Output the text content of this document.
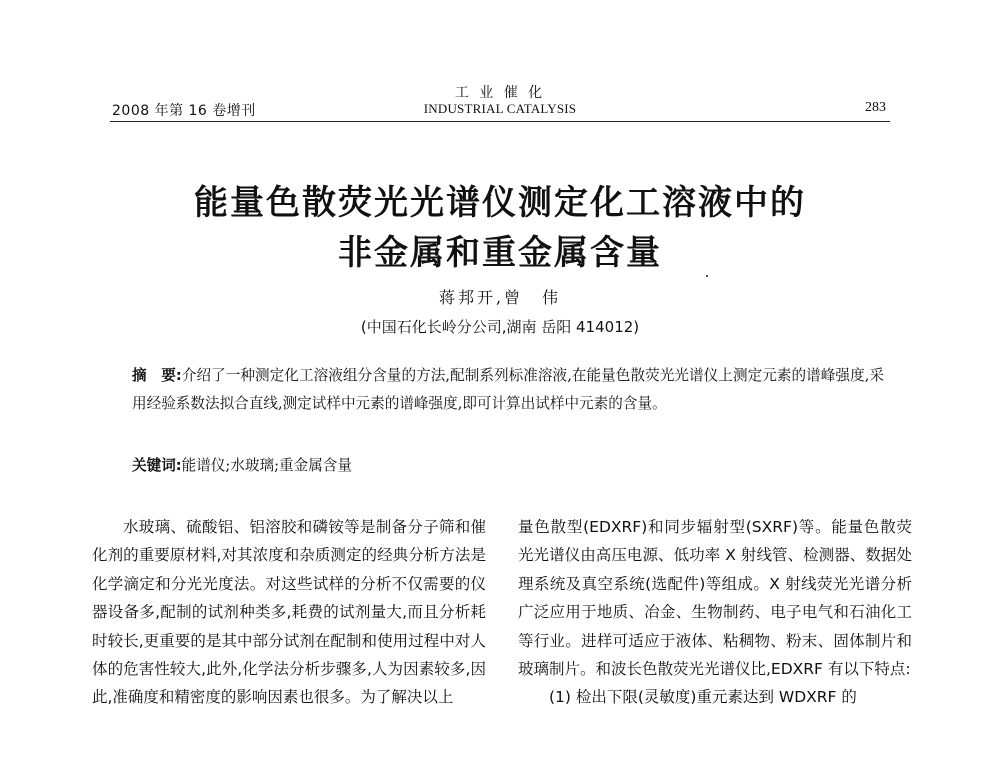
2008 年第 16 卷增刊
工 业 催 化
INDUSTRIAL CATALYSIS	283
能量色散荧光光谱仪测定化工溶液中的
非金属和重金属含量
蒋邦开,曾　伟
(中国石化长岭分公司,湖南 岳阳 414012)
摘　要:介绍了一种测定化工溶液组分含量的方法,配制系列标准溶液,在能量色散荧光光谱仪上测定元素的谱峰强度,采用经验系数法拟合直线,测定试样中元素的谱峰强度,即可计算出试样中元素的含量。
关键词:能谱仪;水玻璃;重金属含量

水玻璃、硫酸铝、铝溶胶和磷铵等是制备分子筛和催化剂的重要原材料,对其浓度和杂质测定的经典分析方法是化学滴定和分光光度法。对这些试样的分析不仅需要的仪器设备多,配制的试剂种类多,耗费的试剂量大,而且分析耗时较长,更重要的是其中部分试剂在配制和使用过程中对人体的危害性较大,此外,化学法分析步骤多,人为因素较多,因此,准确度和精密度的影响因素也很多。为了解决以上

量色散型(EDXRF)和同步辐射型(SXRF)等。能量色散荧光光谱仪由高压电源、低功率 X 射线管、检测器、数据处理系统及真空系统(选配件)等组成。X 射线荧光光谱分析广泛应用于地质、冶金、生物制药、电子电气和石油化工等行业。进样可适应于液体、粘稠物、粉末、固体制片和玻璃制片。和波长色散荧光光谱仪比,EDXRF 有以下特点:

(1) 检出下限(灵敏度)重元素达到 WDXRF 的
